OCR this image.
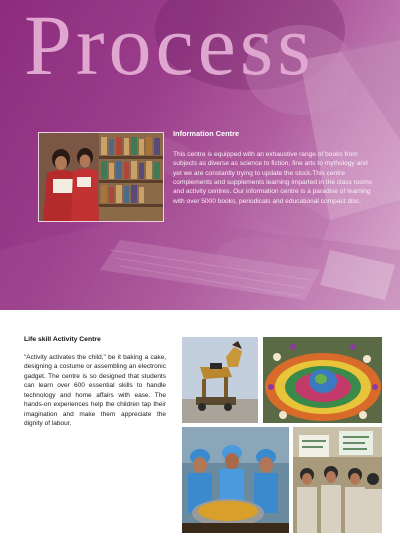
Process

Information Centre

This centre is equipped with an exhaustive range of books from subjects as diverse as science to fiction, fine arts to mythology and yet we are constantly trying to update the stock.This centre complements and supplements learning imparted in the class rooms and activity centres. Our information centre is a paradise of learning with over 5000 books, periodicals and educational compact disc.

Life skill Activity Centre

"Activity activates the child," be it baking a cake, designing a costume or assembling an electronic gadget. The centre is so designed that students can learn over 600 essential skills to handle technology and home affairs with ease. The hands-on experiences help the children tap their imagination and make them appreciate the dignity of labour.
